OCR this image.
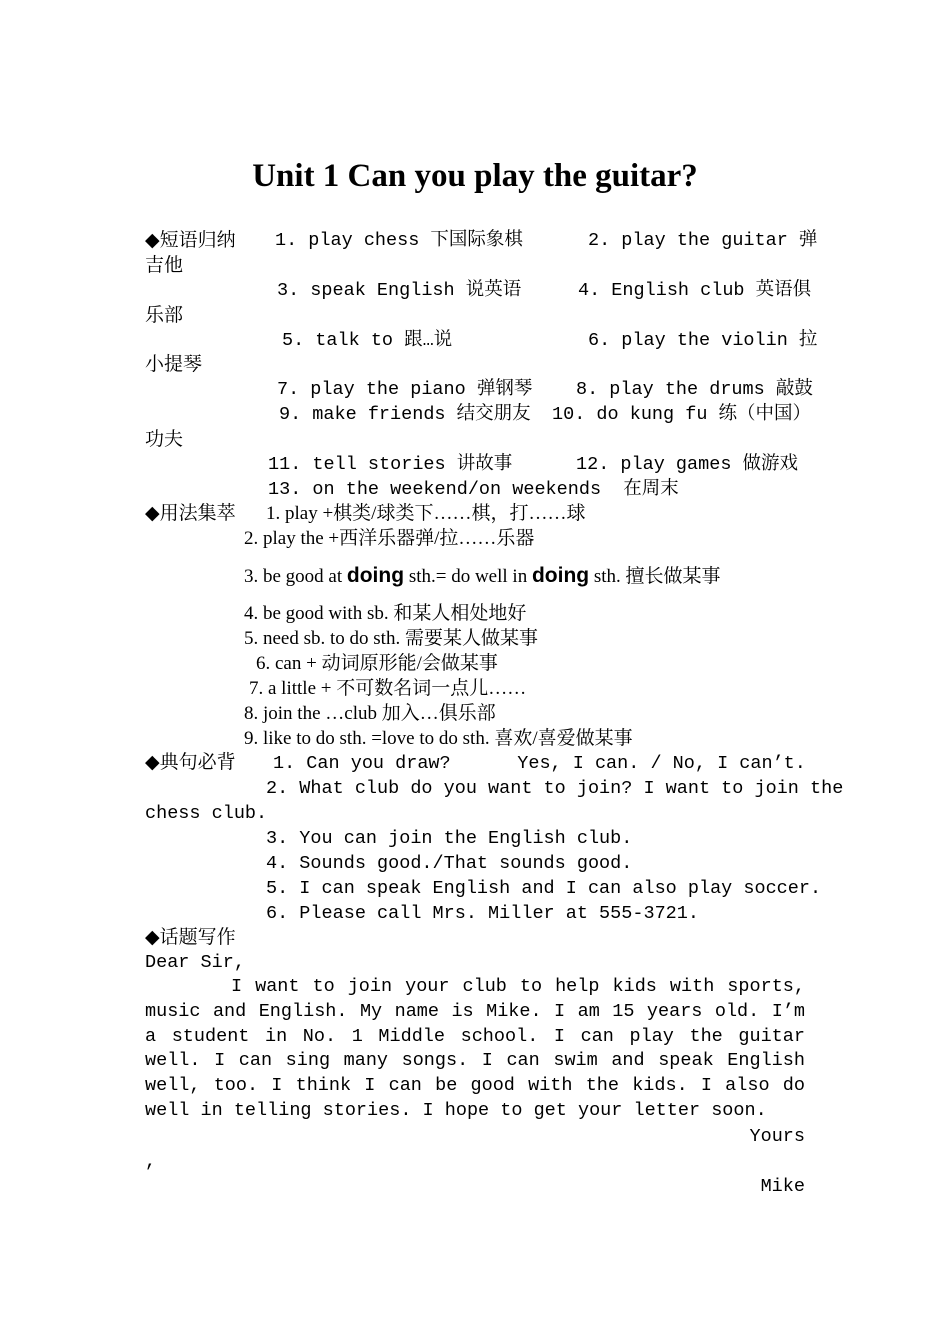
Unit 1 Can you play the guitar?
◆短语归纳 1. play chess 下国际象棋	2. play the guitar 弹
吉他
3. speak English 说英语	4. English club 英语俱
乐部
5. talk to 跟…说	6. play the violin 拉
小提琴
7. play the piano 弹钢琴 8. play the drums 敲鼓
9. make friends 结交朋友 10. do kung fu 练（中国）
功夫
11. tell stories 讲故事	12. play games 做游戏
13. on the weekend/on weekends  在周末
◆用法集萃 1. play +棋类/球类下……棋，打……球
2. play the +西洋乐器弹/拉……乐器
3. be good at doing sth.= do well in doing sth. 擅长做某事
4. be good with sb. 和某人相处地好
5. need sb. to do sth. 需要某人做某事
6. can + 动词原形能/会做某事
7. a little + 不可数名词一点儿……
8. join the …club 加入…俱乐部
9. like to do sth. =love to do sth. 喜欢/喜爱做某事
◆典句必背 1. Can you draw?      Yes, I can. / No, I can’t.
2. What club do you want to join? I want to join the
chess club.
3. You can join the English club.
4. Sounds good./That sounds good.
5. I can speak English and I can also play soccer.
6. Please call Mrs. Miller at 555-3721.
◆话题写作
Dear Sir,
I want to join your club to help kids with sports, music and English. My name is Mike. I am 15 years old. I’m a student in No. 1 Middle school. I can play the guitar well. I can sing many songs. I can swim and speak English well, too. I think I can be good with the kids. I also do well in telling stories. I hope to get your letter soon.
Yours
,
Mike
